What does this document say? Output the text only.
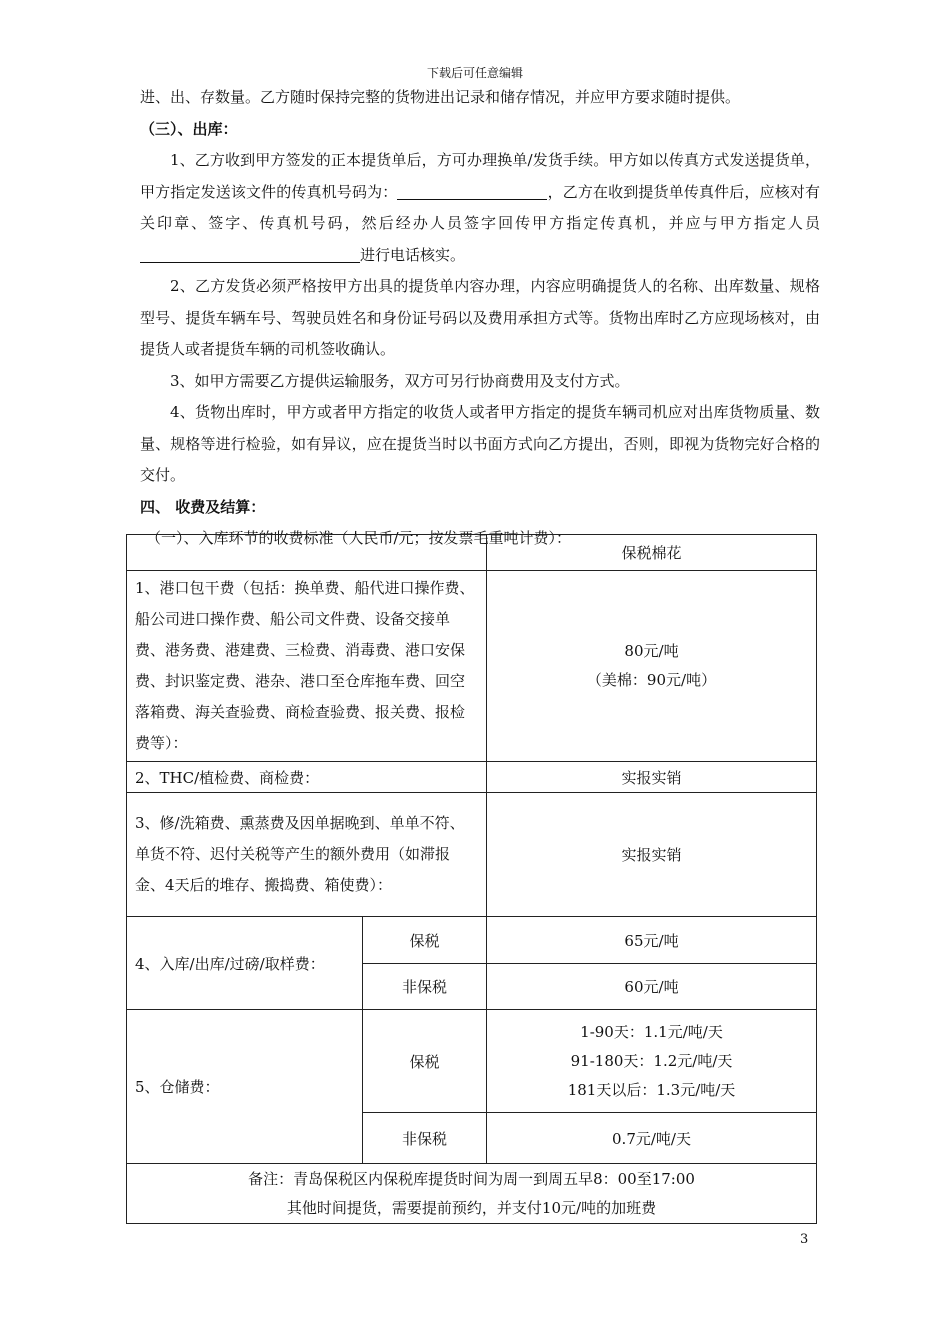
下载后可任意编辑

进、出、存数量。乙方随时保持完整的货物进出记录和储存情况，并应甲方要求随时提供。

（三）、出库：

1、乙方收到甲方签发的正本提货单后，方可办理换单/发货手续。甲方如以传真方式发送提货单，甲方指定发送该文件的传真机号码为：	，乙方在收到提货单传真件后，应核对有关印章、签字、传真机号码，然后经办人员签字回传甲方指定传真机，并应与甲方指定人员进行电话核实。

2、乙方发货必须严格按甲方出具的提货单内容办理，内容应明确提货人的名称、出库数量、规格型号、提货车辆车号、驾驶员姓名和身份证号码以及费用承担方式等。货物出库时乙方应现场核对，由提货人或者提货车辆的司机签收确认。

3、如甲方需要乙方提供运输服务，双方可另行协商费用及支付方式。

4、货物出库时，甲方或者甲方指定的收货人或者甲方指定的提货车辆司机应对出库货物质量、数量、规格等进行检验，如有异议，应在提货当时以书面方式向乙方提出，否则，即视为货物完好合格的交付。

四、 收费及结算：

（一）、入库环节的收费标准（人民币/元；按发票毛重吨计费）：

		保税棉花
1、港口包干费（包括：换单费、船代进口操作费、船公司进口操作费、船公司文件费、设备交接单费、港务费、港建费、三检费、消毒费、港口安保费、封识鉴定费、港杂、港口至仓库拖车费、回空落箱费、海关查验费、商检查验费、报关费、报检费等）：		80元/吨
（美棉：90元/吨）

2、THC/植检费、商检费：		实报实销
3、修/洗箱费、熏蒸费及因单据晚到、单单不符、单货不符、迟付关税等产生的额外费用（如滞报金、4天后的堆存、搬捣费、箱使费）：		实报实销
4、入库/出库/过磅/取样费：	保税	65元/吨
	非保税	60元/吨
5、仓储费：	保税	1-90天：1.1元/吨/天
91-180天：1.2元/吨/天
181天以后：1.3元/吨/天

	非保税	0.7元/吨/天

备注：青岛保税区内保税库提货时间为周一到周五早8：00至17:00
其他时间提货，需要提前预约，并支付10元/吨的加班费		
3
